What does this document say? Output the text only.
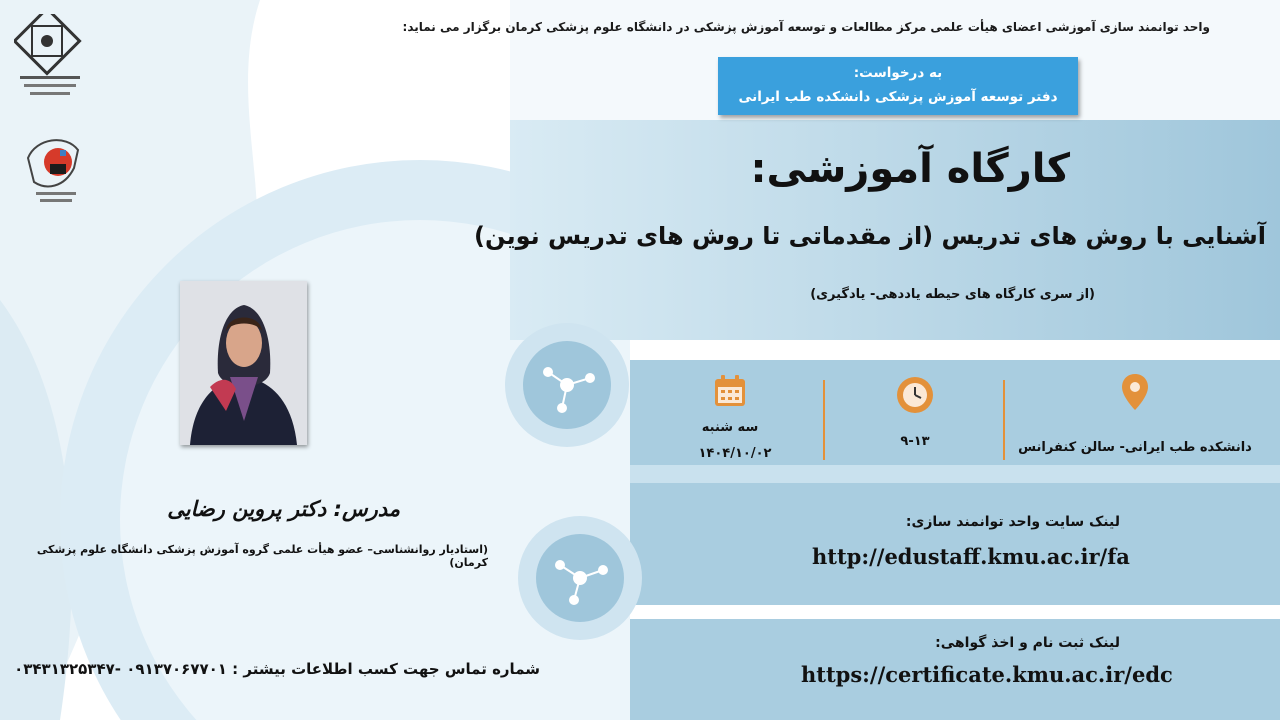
واحد توانمند سازی آموزشی اعضای هیأت علمی مرکز مطالعات و توسعه آموزش پزشکی در دانشگاه علوم پزشکی کرمان برگزار می نماید:
به درخواست:
دفتر توسعه آموزش پزشکی دانشکده طب ایرانی
کارگاه آموزشی:
آشنایی با روش های تدریس (از مقدماتی تا روش های تدریس نوین)
(از سری کارگاه های حیطه یاددهی- یادگیری)
سه شنبه
۱۴۰۴/۱۰/۰۲
۹-۱۳	دانشکده طب ایرانی- سالن کنفرانس
لینک سایت واحد توانمند سازی:
http://edustaff.kmu.ac.ir/fa
لینک ثبت نام و اخذ گواهی:
https://certificate.kmu.ac.ir/edc
مدرس: دکتر پروین رضایی
(استادیار روانشناسی– عضو هیأت علمی گروه آموزش پزشکی دانشگاه علوم پزشکی کرمان)
شماره تماس جهت کسب اطلاعات بیشتر : ۰۹۱۳۷۰۶۷۷۰۱ -۰۳۴۳۱۳۲۵۳۴۷
